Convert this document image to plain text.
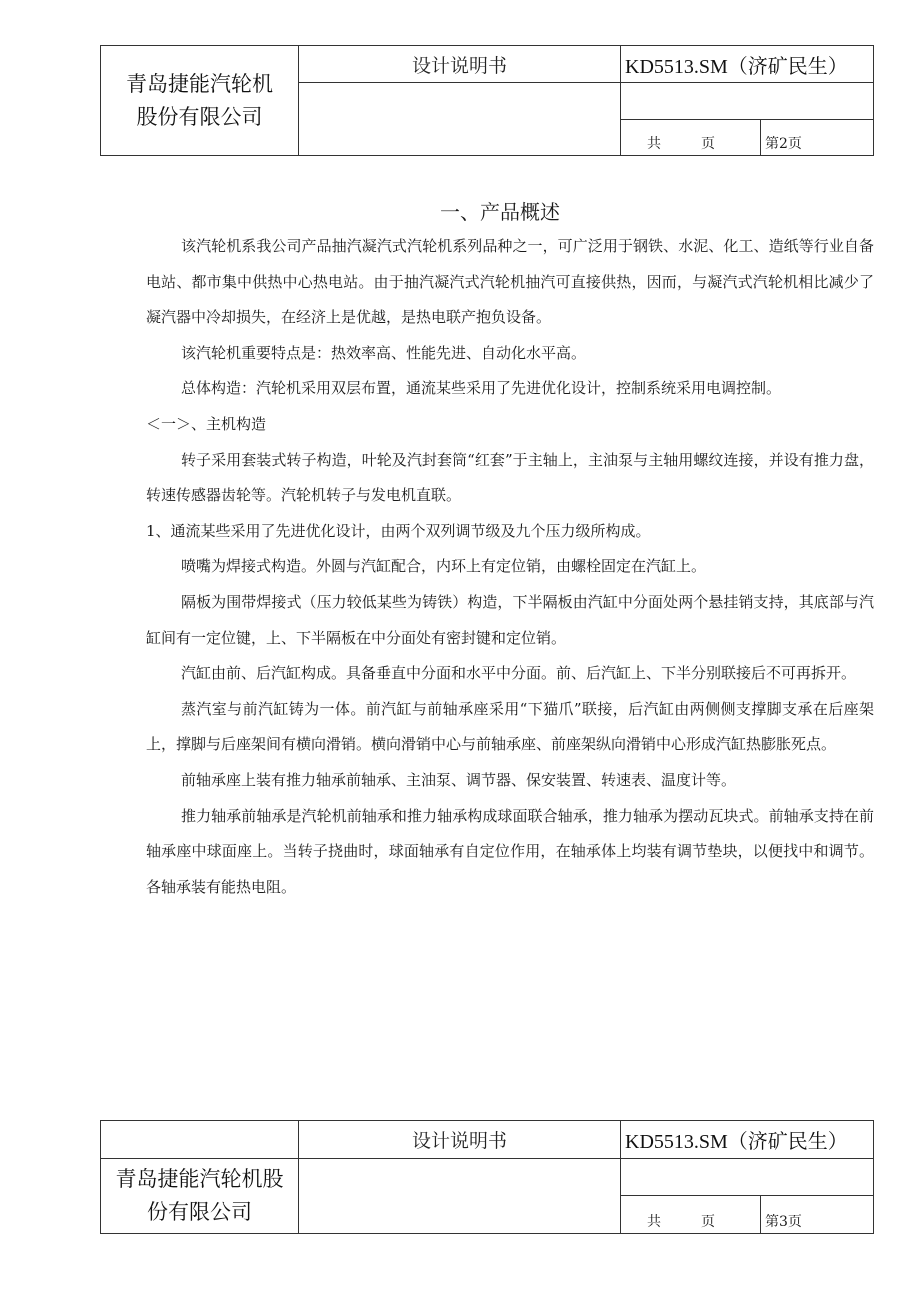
青岛捷能汽轮机
股份有限公司	设计说明书	KD5513.SM（济矿民生）	

		共 页	第2页
一、产品概述

该汽轮机系我公司产品抽汽凝汽式汽轮机系列品种之一，可广泛用于钢铁、水泥、化工、造纸等行业自备电站、都市集中供热中心热电站。由于抽汽凝汽式汽轮机抽汽可直接供热，因而，与凝汽式汽轮机相比减少了凝汽器中冷却损失，在经济上是优越，是热电联产抱负设备。

该汽轮机重要特点是：热效率高、性能先进、自动化水平高。

总体构造：汽轮机采用双层布置，通流某些采用了先进优化设计，控制系统采用电调控制。

＜一＞、主机构造

转子采用套装式转子构造，叶轮及汽封套筒“红套”于主轴上，主油泵与主轴用螺纹连接，并设有推力盘，转速传感器齿轮等。汽轮机转子与发电机直联。

1、通流某些采用了先进优化设计，由两个双列调节级及九个压力级所构成。

喷嘴为焊接式构造。外圆与汽缸配合，内环上有定位销，由螺栓固定在汽缸上。

隔板为围带焊接式（压力较低某些为铸铁）构造，下半隔板由汽缸中分面处两个悬挂销支持，其底部与汽缸间有一定位键，上、下半隔板在中分面处有密封键和定位销。

汽缸由前、后汽缸构成。具备垂直中分面和水平中分面。前、后汽缸上、下半分别联接后不可再拆开。

蒸汽室与前汽缸铸为一体。前汽缸与前轴承座采用“下猫爪”联接，后汽缸由两侧侧支撑脚支承在后座架上，撑脚与后座架间有横向滑销。横向滑销中心与前轴承座、前座架纵向滑销中心形成汽缸热膨胀死点。

前轴承座上装有推力轴承前轴承、主油泵、调节器、保安装置、转速表、温度计等。

推力轴承前轴承是汽轮机前轴承和推力轴承构成球面联合轴承，推力轴承为摆动瓦块式。前轴承支持在前轴承座中球面座上。当转子挠曲时，球面轴承有自定位作用，在轴承体上均装有调节垫块，以便找中和调节。各轴承装有能热电阻。

	设计说明书	KD5513.SM（济矿民生）	

青岛捷能汽轮机股
份有限公司			

		共 页	第3页
